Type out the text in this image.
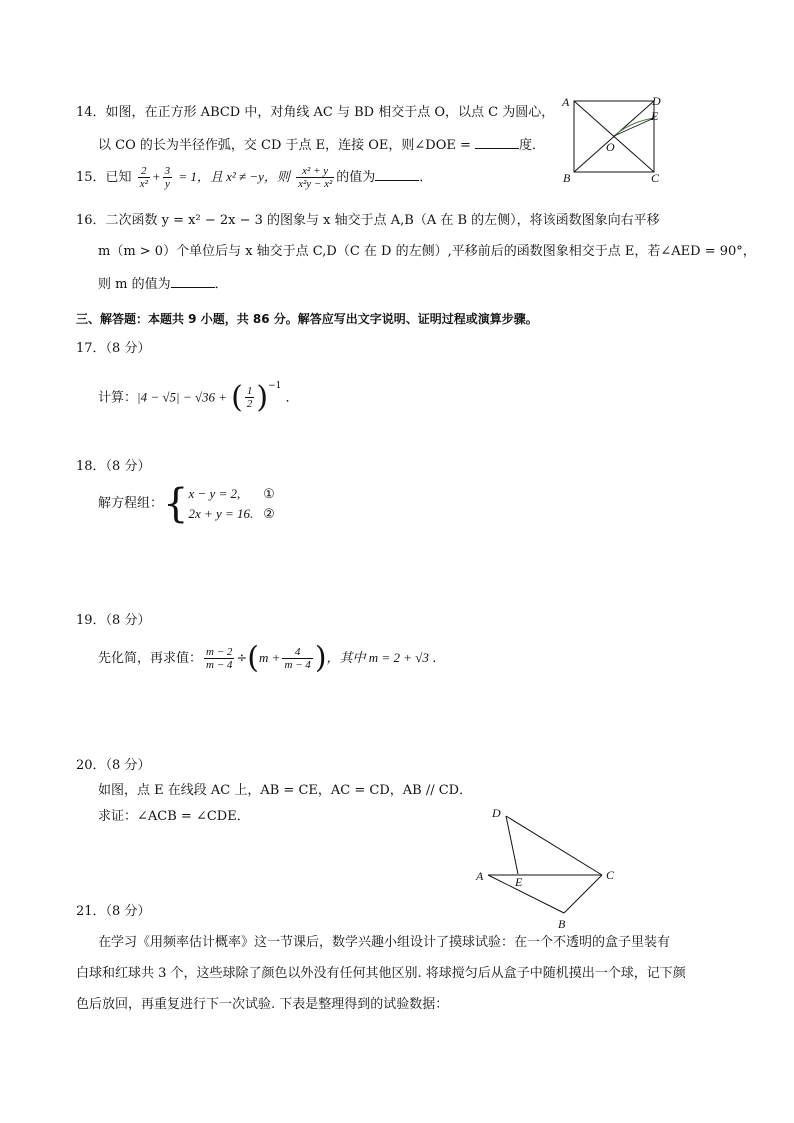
14．如图，在正方形 ABCD 中，对角线 AC 与 BD 相交于点 O，以点 C 为圆心，
以 CO 的长为半径作弧，交 CD 于点 E，连接 OE，则∠DOE =	度．
A	D
E
O
B	C
15．已知 $\frac{2}{\text{x²}} + \frac{3}{y} = 1$，且 x² ≠ −y，则 $\frac{\text{x² + y}}{\text{x²y − x²}}$ 的值为	．
16．二次函数 y = x² − 2x − 3 的图象与 x 轴交于点 A,B（A 在 B 的左侧），将该函数图象向右平移
m（m > 0）个单位后与 x 轴交于点 C,D（C 在 D 的左侧）,平移前后的函数图象相交于点 E，若∠AED = 90°，
则 m 的值为	．
三、解答题：本题共 9 小题，共 86 分。解答应写出文字说明、证明过程或演算步骤。
17．（8 分）
计算：|4 − √5| − √36 + ( $\frac{1}{2} )^{-1}$ ．
18．（8 分）
解方程组：{x − y = 2, ①
2x + y = 16. ②
19．（8 分）
先化简，再求值： $\frac{m - 2}{m - 4} \div(m + \frac{4}{m - 4}$ )，其中 m = 2 + √3 ．
20．（8 分）
如图，点 E 在线段 AC 上，AB = CE，AC = CD，AB // CD．
求证：∠ACB = ∠CDE．	D
A	E	C
B
21．（8 分）
在学习《用频率估计概率》这一节课后，数学兴趣小组设计了摸球试验：在一个不透明的盒子里装有
白球和红球共 3 个，这些球除了颜色以外没有任何其他区别. 将球搅匀后从盒子中随机摸出一个球，记下颜
色后放回，再重复进行下一次试验. 下表是整理得到的试验数据：
